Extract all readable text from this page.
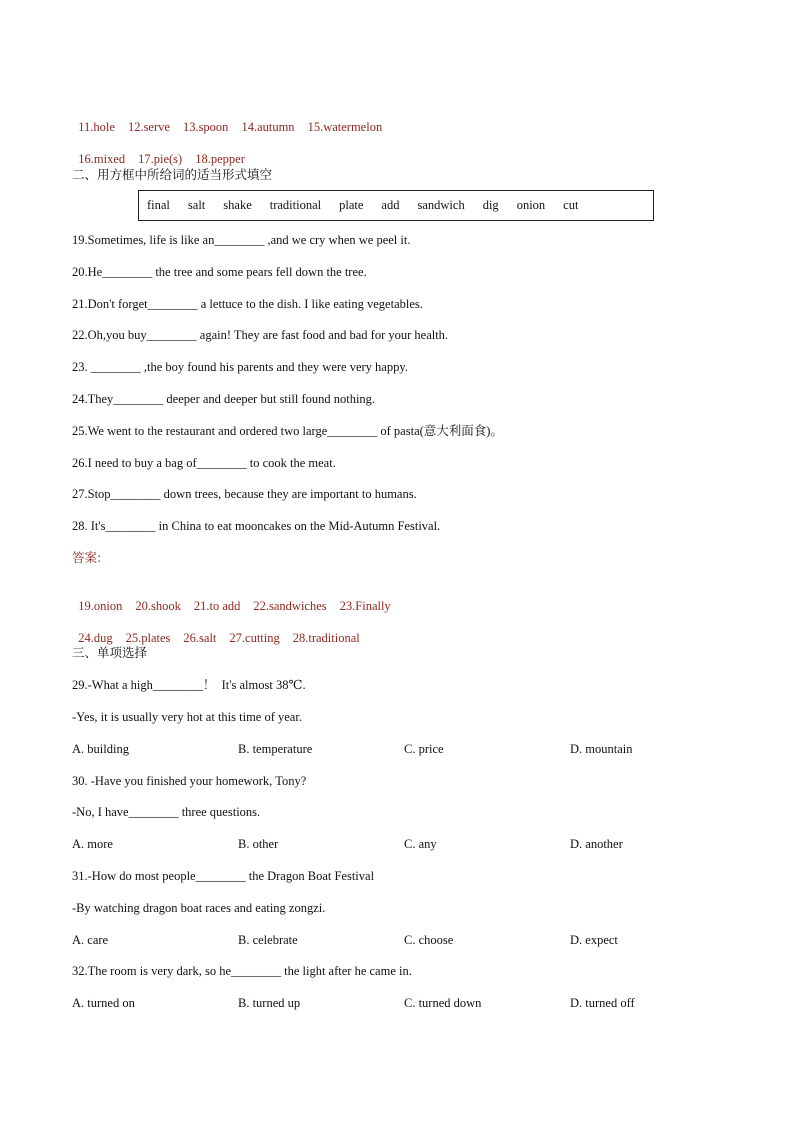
11.hole 12.serve 13.spoon 14.autumn 15.watermelon

16.mixed 17.pie(s) 18.pepper

二、用方框中所给词的适当形式填空
final salt shake traditional plate add sandwich dig onion cut
19.Sometimes, life is like an________ ,and we cry when we peel it.
20.He________ the tree and some pears fell down the tree.
21.Don't forget________ a lettuce to the dish. I like eating vegetables.
22.Oh,you buy________ again! They are fast food and bad for your health.
23. ________ ,the boy found his parents and they were very happy.
24.They________ deeper and deeper but still found nothing.
25.We went to the restaurant and ordered two large________ of pasta(意大利面食)。
26.I need to buy a bag of________ to cook the meat.
27.Stop________ down trees, because they are important to humans.
28. It's________ in China to eat mooncakes on the Mid-Autumn Festival.
答案:

19.onion 20.shook 21.to add 22.sandwiches 23.Finally

24.dug 25.plates 26.salt 27.cutting 28.traditional

三、单项选择
29.-What a high________！  It's almost 38℃.
-Yes, it is usually very hot at this time of year.
A. building	B. temperature	C. price	D. mountain
30. -Have you finished your homework, Tony?
-No, I have________ three questions.
A. more	B. other	C. any	D. another
31.-How do most people________ the Dragon Boat Festival
-By watching dragon boat races and eating zongzi.
A. care	B. celebrate	C. choose	D. expect
32.The room is very dark, so he________ the light after he came in.
A. turned on	B. turned up	C. turned down	D. turned off
